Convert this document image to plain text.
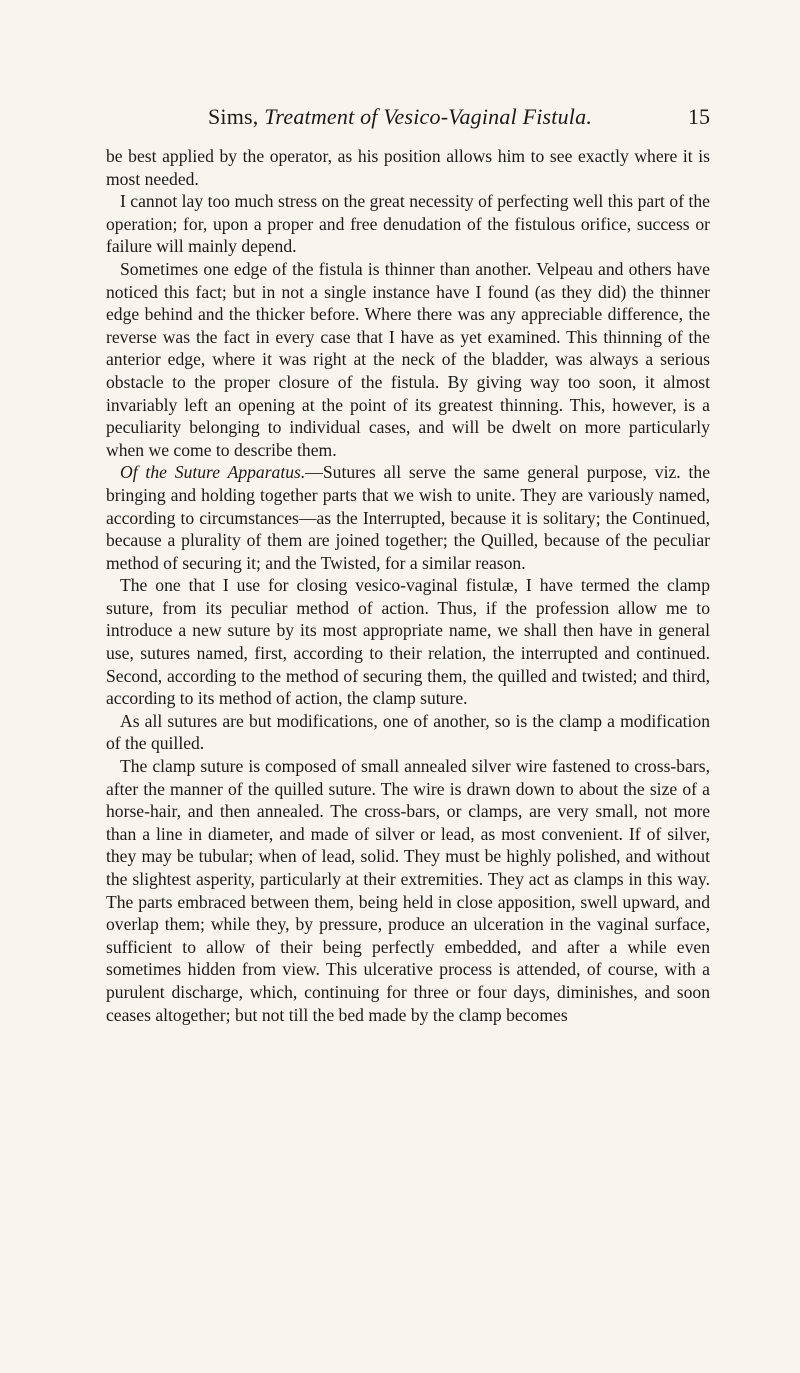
Sims, Treatment of Vesico-Vaginal Fistula.	15

be best applied by the operator, as his position allows him to see exactly where it is most needed.

I cannot lay too much stress on the great necessity of perfecting well this part of the operation; for, upon a proper and free denudation of the fistulous orifice, success or failure will mainly depend.

Sometimes one edge of the fistula is thinner than another. Velpeau and others have noticed this fact; but in not a single instance have I found (as they did) the thinner edge behind and the thicker before. Where there was any appreciable difference, the reverse was the fact in every case that I have as yet examined. This thinning of the anterior edge, where it was right at the neck of the bladder, was always a serious obstacle to the proper closure of the fistula. By giving way too soon, it almost invariably left an opening at the point of its greatest thinning. This, however, is a peculiarity belonging to individual cases, and will be dwelt on more particularly when we come to describe them.

Of the Suture Apparatus.—Sutures all serve the same general purpose, viz. the bringing and holding together parts that we wish to unite. They are variously named, according to circumstances—as the Interrupted, because it is solitary; the Continued, because a plurality of them are joined together; the Quilled, because of the peculiar method of securing it; and the Twisted, for a similar reason.

The one that I use for closing vesico-vaginal fistulæ, I have termed the clamp suture, from its peculiar method of action. Thus, if the profession allow me to introduce a new suture by its most appropriate name, we shall then have in general use, sutures named, first, according to their relation, the interrupted and continued. Second, according to the method of securing them, the quilled and twisted; and third, according to its method of action, the clamp suture.

As all sutures are but modifications, one of another, so is the clamp a modification of the quilled.

The clamp suture is composed of small annealed silver wire fastened to cross-bars, after the manner of the quilled suture. The wire is drawn down to about the size of a horse-hair, and then annealed. The cross-bars, or clamps, are very small, not more than a line in diameter, and made of silver or lead, as most convenient. If of silver, they may be tubular; when of lead, solid. They must be highly polished, and without the slightest asperity, particularly at their extremities. They act as clamps in this way. The parts embraced between them, being held in close apposition, swell upward, and overlap them; while they, by pressure, produce an ulceration in the vaginal surface, sufficient to allow of their being perfectly embedded, and after a while even sometimes hidden from view. This ulcerative process is attended, of course, with a purulent discharge, which, continuing for three or four days, diminishes, and soon ceases altogether; but not till the bed made by the clamp becomes
